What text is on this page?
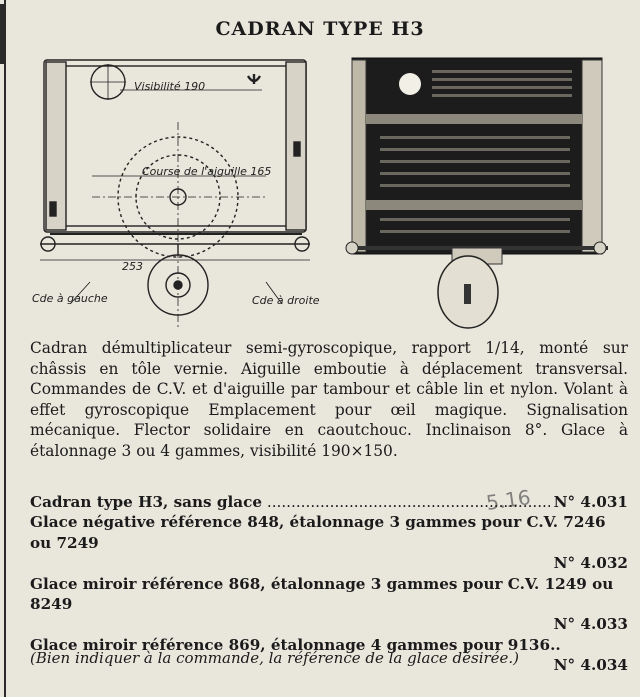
CADRAN TYPE H3
Visibilité 190
Course de l'aiguille 165
253
Cde à gauche	Cde à droite

Cadran démultiplicateur semi-gyroscopique, rapport 1/14, monté sur châssis en tôle vernie. Aiguille emboutie à déplacement transversal. Commandes de C.V. et d'aiguille par tambour et câble lin et nylon. Volant à effet gyroscopique Emplacement pour œil magique. Signalisation mécanique. Flector solidaire en caoutchouc. Inclinaison 8°. Glace à étalonnage 3 ou 4 gammes, visibilité 190×150.

5.16
Cadran type H3, sans glace .....	N° 4.031
Glace négative référence 848, étalonnage 3 gammes pour C.V. 7246 ou 7249
N° 4.032
Glace miroir référence 868, étalonnage 3 gammes pour C.V. 1249 ou 8249
N° 4.033
Glace miroir référence 869, étalonnage 4 gammes pour 9136..
N° 4.034
(Bien indiquer à la commande, la référence de la glace désirée.)
